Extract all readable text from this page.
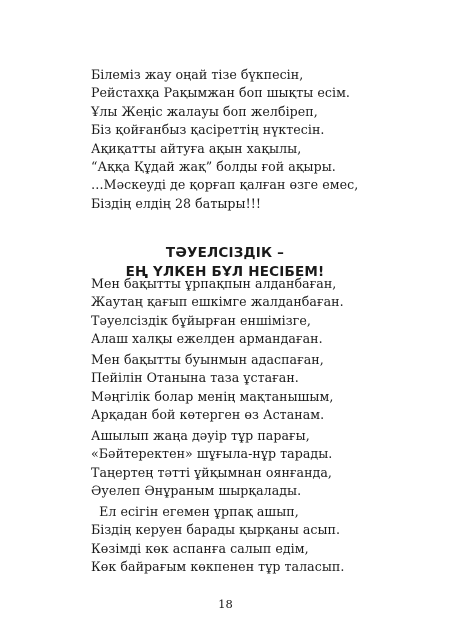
Білеміз жау оңай тізе бүкпесін,
Рейстахқа Рақымжан боп шықты есім.
Ұлы Жеңіс жалауы боп желбіреп,
Біз қойғанбыз қасіреттің нүктесін.
Ақиқатты айтуға ақын хақылы,
“Аққа Құдай жақ” болды ғой ақыры.
…Мәскеуді де қорғап қалған өзге емес,
Біздің елдің 28 батыры!!!
ТӘУЕЛСІЗДІК –
ЕҢ ҮЛКЕН БҰЛ НЕСІБЕМ!
Мен бақытты ұрпақпын алданбаған,
Жаутаң қағып ешкімге жалданбаған.
Тәуелсіздік бұйырған еншімізге,
Алаш халқы ежелден армандаған.
Мен бақытты буынмын адаспаған,
Пейілін Отанына таза ұстаған.
Мәңгілік болар менің мақтанышым,
Арқадан бой көтерген өз Астанам.
Ашылып жаңа дәуір тұр парағы,
«Бәйтеректен» шұғыла-нұр тарады.
Таңертең тәтті ұйқымнан оянғанда,
Әуелеп Әнұраным шырқалады.
Ел есігін егемен ұрпақ ашып,
Біздің керуен барады қырқаны асып.
Көзімді көк аспанға салып едім,
Көк байрағым көкпенен тұр таласып.
18
